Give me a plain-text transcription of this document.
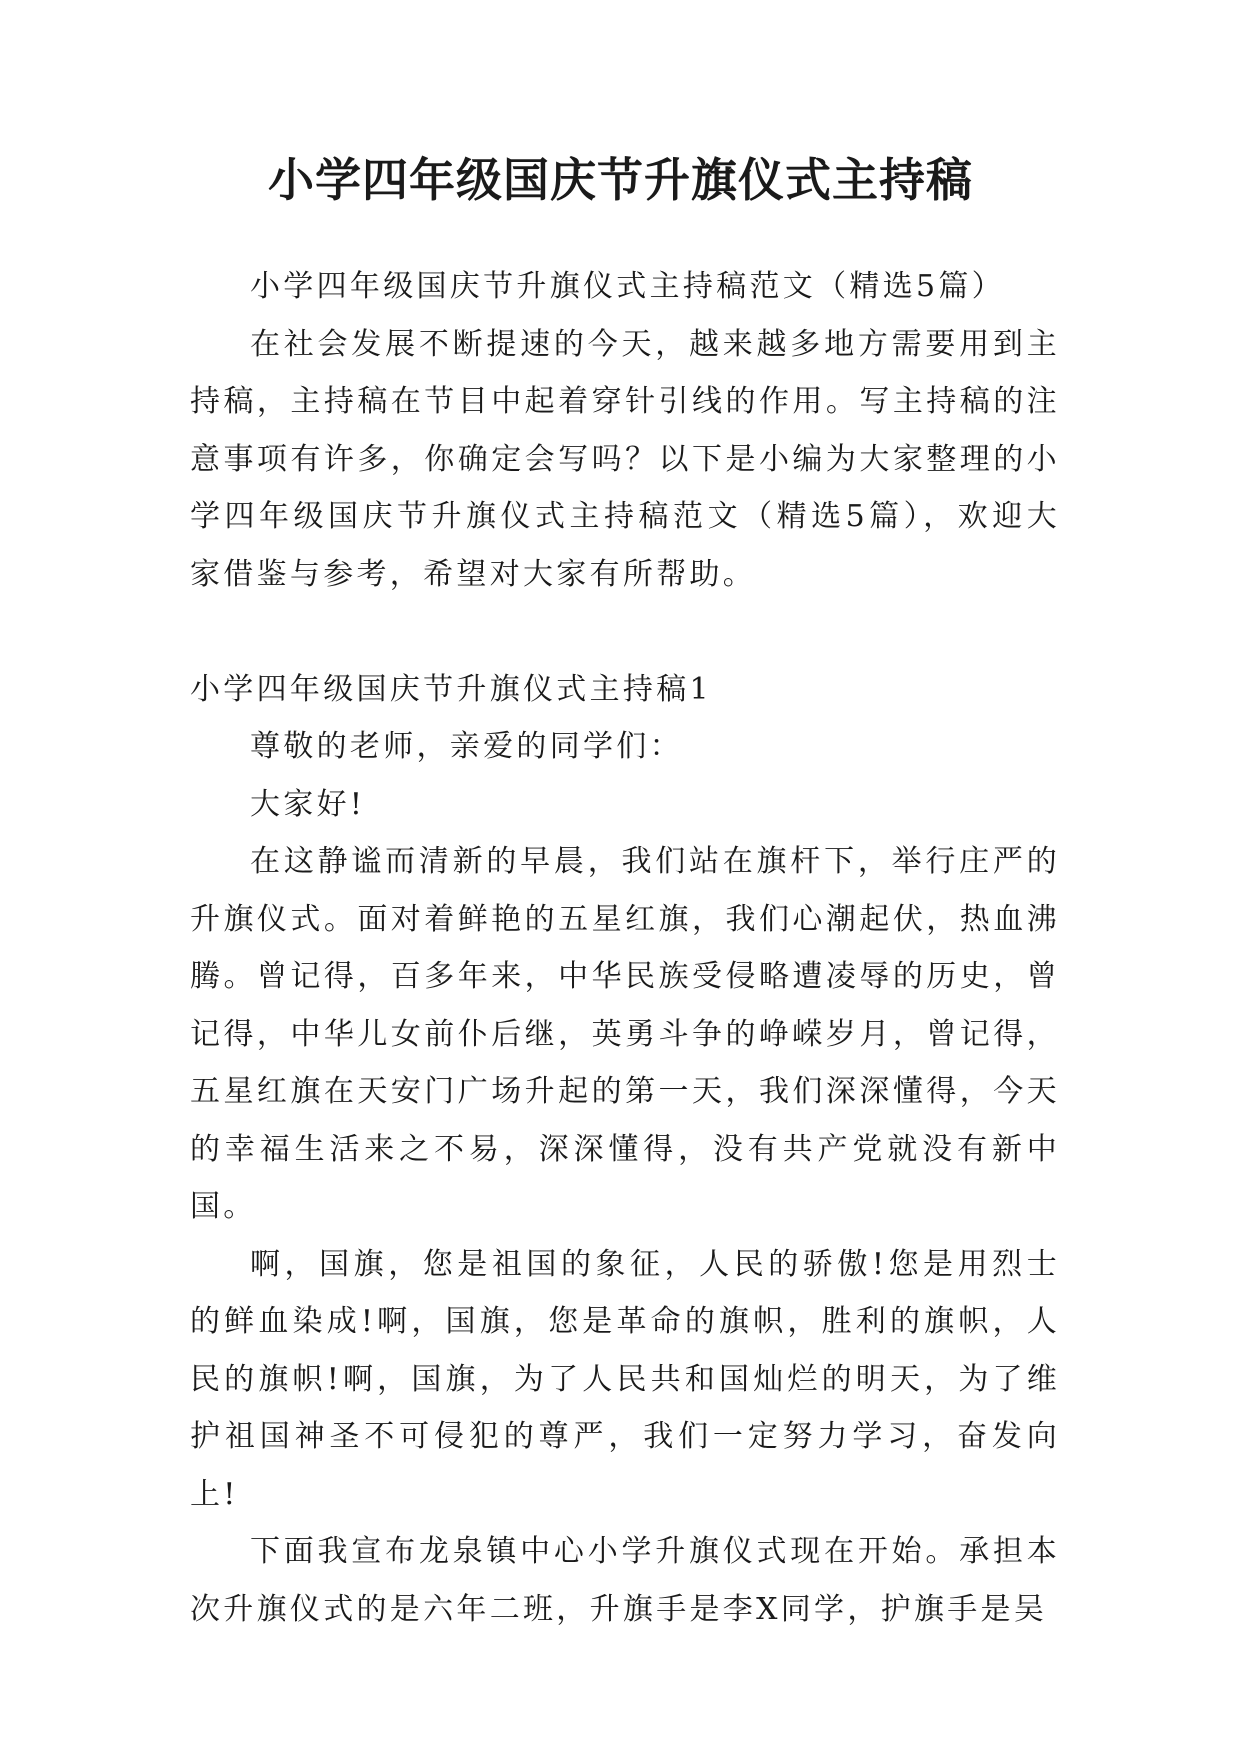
小学四年级国庆节升旗仪式主持稿

小学四年级国庆节升旗仪式主持稿范文（精选5篇）

在社会发展不断提速的今天，越来越多地方需要用到主持稿，主持稿在节目中起着穿针引线的作用。写主持稿的注意事项有许多，你确定会写吗？以下是小编为大家整理的小学四年级国庆节升旗仪式主持稿范文（精选5篇），欢迎大家借鉴与参考，希望对大家有所帮助。

小学四年级国庆节升旗仪式主持稿1

尊敬的老师，亲爱的同学们：

大家好!

在这静谧而清新的早晨，我们站在旗杆下，举行庄严的升旗仪式。面对着鲜艳的五星红旗，我们心潮起伏，热血沸腾。曾记得，百多年来，中华民族受侵略遭凌辱的历史，曾记得，中华儿女前仆后继，英勇斗争的峥嵘岁月，曾记得，五星红旗在天安门广场升起的第一天，我们深深懂得，今天的幸福生活来之不易，深深懂得，没有共产党就没有新中国。

啊，国旗，您是祖国的象征，人民的骄傲!您是用烈士的鲜血染成!啊，国旗，您是革命的旗帜，胜利的旗帜，人民的旗帜!啊，国旗，为了人民共和国灿烂的明天，为了维护祖国神圣不可侵犯的尊严，我们一定努力学习，奋发向上!

下面我宣布龙泉镇中心小学升旗仪式现在开始。承担本次升旗仪式的是六年二班，升旗手是李X同学，护旗手是吴
